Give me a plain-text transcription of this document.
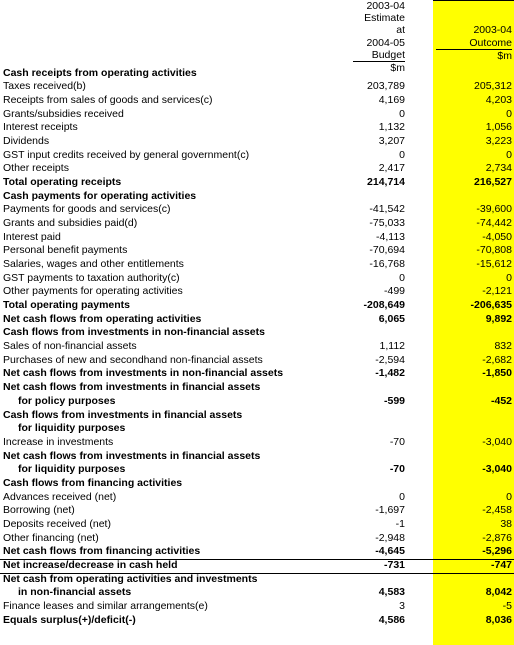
2003-04
Estimate at
2004-05
Budget
$m

2003-04
Outcome
$m
Cash receipts from operating activities
Taxes received(b)	203,789	205,312
Receipts from sales of goods and services(c)	4,169	4,203
Grants/subsidies received	0	0
Interest receipts	1,132	1,056
Dividends	3,207	3,223
GST input credits received by general government(c)	0	0
Other receipts	2,417	2,734
Total operating receipts	214,714	216,527
Cash payments for operating activities
Payments for goods and services(c)	-41,542	-39,600
Grants and subsidies paid(d)	-75,033	-74,442
Interest paid	-4,113	-4,050
Personal benefit payments	-70,694	-70,808
Salaries, wages and other entitlements	-16,768	-15,612
GST payments to taxation authority(c)	0	0
Other payments for operating activities	-499	-2,121
Total operating payments	-208,649	-206,635
Net cash flows from operating activities	6,065	9,892
Cash flows from investments in non-financial assets
Sales of non-financial assets	1,112	832
Purchases of new and secondhand non-financial assets	-2,594	-2,682
Net cash flows from investments in non-financial assets	-1,482	-1,850
Net cash flows from investments in financial assets
for policy purposes	-599	-452
Cash flows from investments in financial assets
for liquidity purposes
Increase in investments	-70	-3,040
Net cash flows from investments in financial assets
for liquidity purposes	-70	-3,040
Cash flows from financing activities
Advances received (net)	0	0
Borrowing (net)	-1,697	-2,458
Deposits received (net)	-1	38
Other financing (net)	-2,948	-2,876
Net cash flows from financing activities	-4,645	-5,296
Net increase/decrease in cash held	-731	-747
Net cash from operating activities and investments
in non-financial assets	4,583	8,042
Finance leases and similar arrangements(e)	3	-5
Equals surplus(+)/deficit(-)	4,586	8,036
